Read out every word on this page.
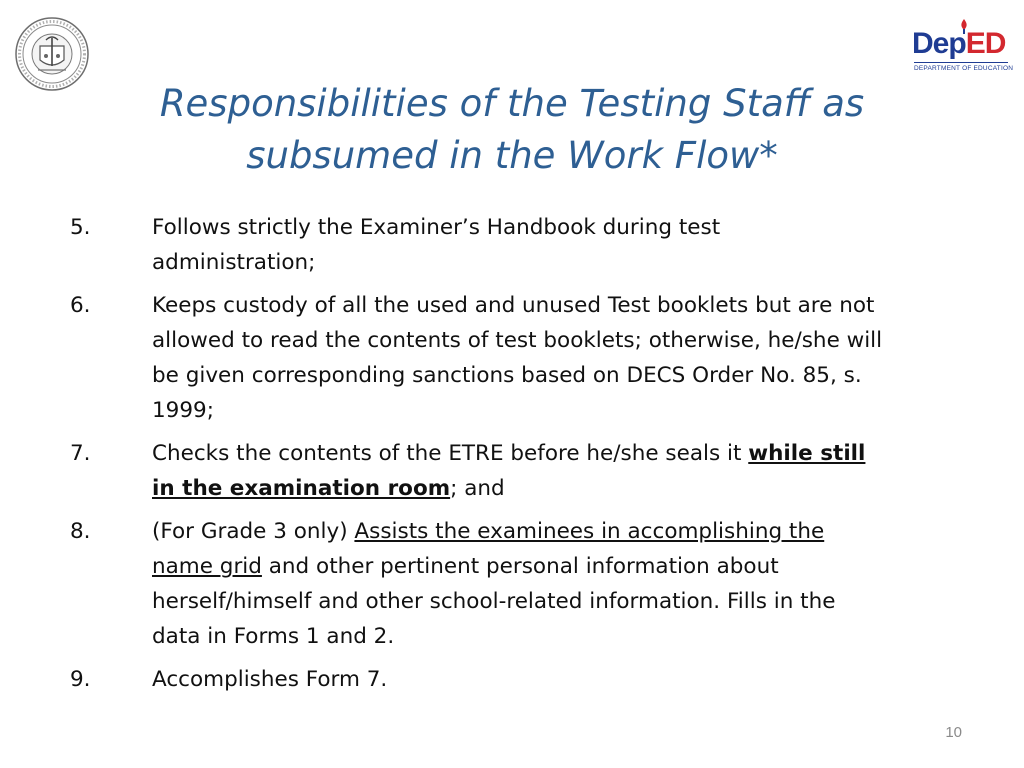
DepED
DEPARTMENT OF EDUCATION
Responsibilities of the Testing Staff as subsumed in the Work Flow*
5.	Follows strictly the Examiner’s Handbook during test administration;
6.	Keeps custody of all the used and unused Test booklets but are not allowed to read the contents of test booklets; otherwise, he/she will be given corresponding sanctions based on DECS Order No. 85, s. 1999;
7.	Checks the contents of the ETRE before he/she seals it while still in the examination room; and
8.	(For Grade 3 only) Assists the examinees in accomplishing the name grid and other pertinent personal information about herself/himself and other school-related information. Fills in the data in Forms 1 and 2.
9.	Accomplishes Form 7.
10
